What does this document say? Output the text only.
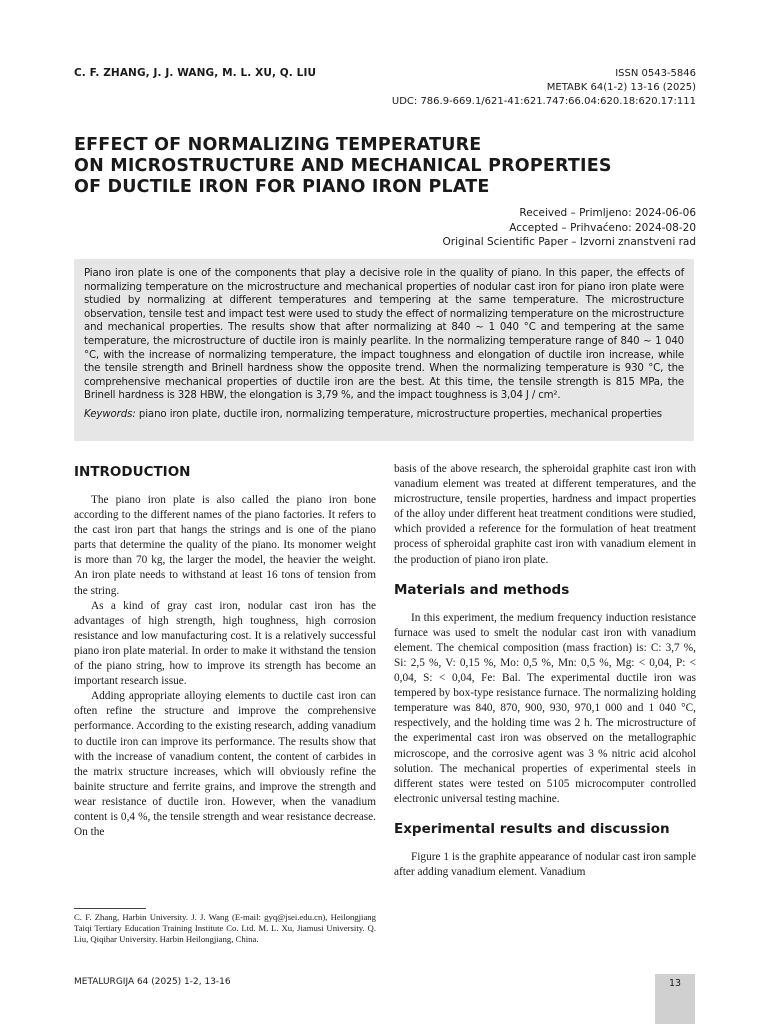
C. F. ZHANG, J. J. WANG, M. L. XU, Q. LIU	ISSN 0543-5846
METABK 64(1-2) 13-16 (2025)
UDC: 786.9-669.1/621-41:621.747:66.04:620.18:620.17:111
EFFECT OF NORMALIZING TEMPERATURE
ON MICROSTRUCTURE AND MECHANICAL PROPERTIES
OF DUCTILE IRON FOR PIANO IRON PLATE
Received – Primljeno: 2024-06-06
Accepted – Prihvaćeno: 2024-08-20
Original Scientific Paper – Izvorni znanstveni rad

Piano iron plate is one of the components that play a decisive role in the quality of piano. In this paper, the effects of normalizing temperature on the microstructure and mechanical properties of nodular cast iron for piano iron plate were studied by normalizing at different temperatures and tempering at the same temperature. The microstructure observation, tensile test and impact test were used to study the effect of normalizing temperature on the microstructure and mechanical properties. The results show that after normalizing at 840 ~ 1 040 °C and tempering at the same temperature, the microstructure of ductile iron is mainly pearlite. In the normalizing temperature range of 840 ~ 1 040 °C, with the increase of normalizing temperature, the impact toughness and elongation of ductile iron increase, while the tensile strength and Brinell hardness show the opposite trend. When the normalizing temperature is 930 °C, the comprehensive mechanical properties of ductile iron are the best. At this time, the tensile strength is 815 MPa, the Brinell hardness is 328 HBW, the elongation is 3,79 %, and the impact toughness is 3,04 J / cm².

Keywords: piano iron plate, ductile iron, normalizing temperature, microstructure properties, mechanical properties

INTRODUCTION

The piano iron plate is also called the piano iron bone according to the different names of the piano factories. It refers to the cast iron part that hangs the strings and is one of the piano parts that determine the quality of the piano. Its monomer weight is more than 70 kg, the larger the model, the heavier the weight. An iron plate needs to withstand at least 16 tons of tension from the string.

As a kind of gray cast iron, nodular cast iron has the advantages of high strength, high toughness, high corrosion resistance and low manufacturing cost. It is a relatively successful piano iron plate material. In order to make it withstand the tension of the piano string, how to improve its strength has become an important research issue.

Adding appropriate alloying elements to ductile cast iron can often refine the structure and improve the comprehensive performance. According to the existing research, adding vanadium to ductile iron can improve its performance. The results show that with the increase of vanadium content, the content of carbides in the matrix structure increases, which will obviously refine the bainite structure and ferrite grains, and improve the strength and wear resistance of ductile iron. However, when the vanadium content is 0,4 %, the tensile strength and wear resistance decrease. On the

basis of the above research, the spheroidal graphite cast iron with vanadium element was treated at different temperatures, and the microstructure, tensile properties, hardness and impact properties of the alloy under different heat treatment conditions were studied, which provided a reference for the formulation of heat treatment process of spheroidal graphite cast iron with vanadium element in the production of piano iron plate.

Materials and methods

In this experiment, the medium frequency induction resistance furnace was used to smelt the nodular cast iron with vanadium element. The chemical composition (mass fraction) is: C: 3,7 %, Si: 2,5 %, V: 0,15 %, Mo: 0,5 %, Mn: 0,5 %, Mg: < 0,04, P: < 0,04, S: < 0,04, Fe: Bal. The experimental ductile iron was tempered by box-type resistance furnace. The normalizing holding temperature was 840, 870, 900, 930, 970,1 000 and 1 040 °C, respectively, and the holding time was 2 h. The microstructure of the experimental cast iron was observed on the metallographic microscope, and the corrosive agent was 3 % nitric acid alcohol solution. The mechanical properties of experimental steels in different states were tested on 5105 microcomputer controlled electronic universal testing machine.

Experimental results and discussion

Figure 1 is the graphite appearance of nodular cast iron sample after adding vanadium element. Vanadium

C. F. Zhang, Harbin University. J. J. Wang (E-mail: gyq@jsei.edu.cn), Heilongjiang Taiqi Tertiary Education Training Institute Co. Ltd. M. L. Xu, Jiamusi University. Q. Liu, Qiqihar University. Harbin Heilongjiang, China.
METALURGIJA 64 (2025) 1-2, 13-16	13
